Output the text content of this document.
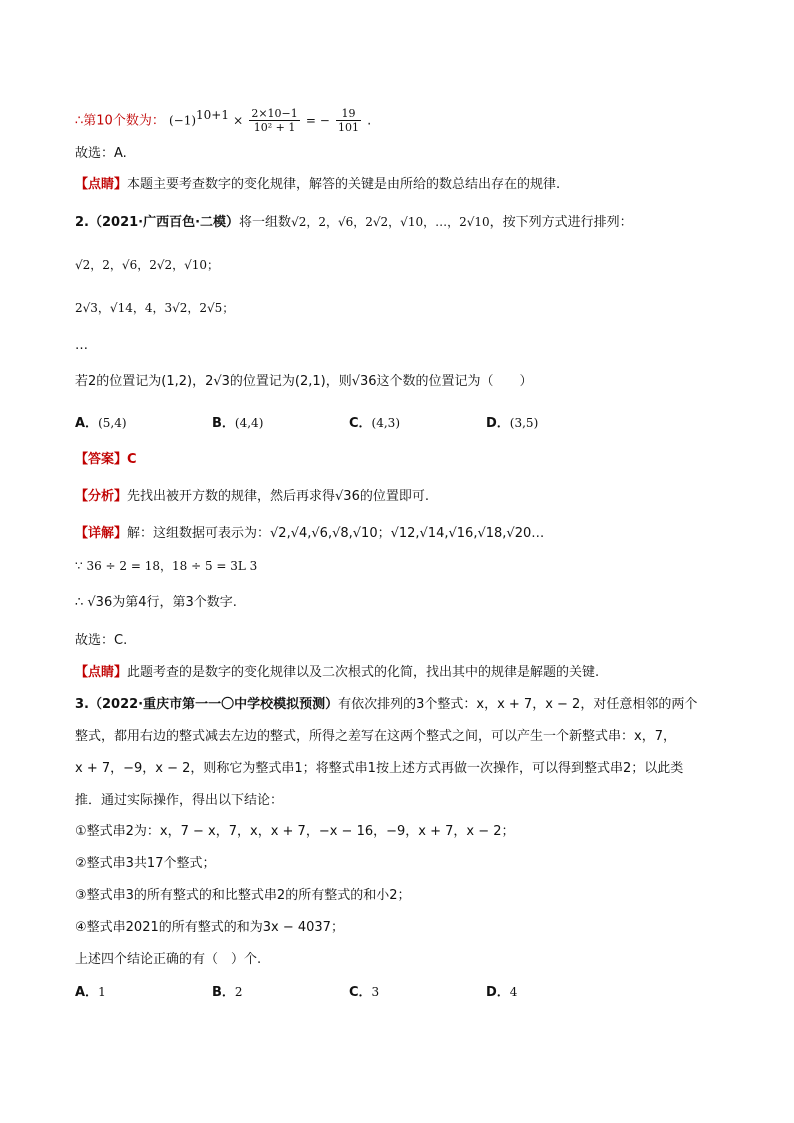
∴第10个数为： $(-1)^{10+1} \times \frac{2\times 10-1}{\text{10² + 1}}$ = − $\frac{19}{101}$ .
故选：A.
【点睛】本题主要考查数字的变化规律，解答的关键是由所给的数总结出存在的规律.
2.（2021·广西百色·二模）将一组数√2，2，√6，2√2，√10，…，2√10，按下列方式进行排列：
√2，2，√6，2√2，√10；
2√3，√14，4，3√2，2√5；
…
若2的位置记为(1,2)，2√3的位置记为(2,1)，则√36这个数的位置记为（　　）
A．(5,4)	B．(4,4)	C．(4,3)	D．(3,5)
【答案】C
【分析】先找出被开方数的规律，然后再求得√36的位置即可.
【详解】解：这组数据可表示为：√2,√4,√6,√8,√10；√12,√14,√16,√18,√20…
∵ 36 ÷ 2 = 18，18 ÷ 5 = 3L 3
∴ √36为第4行，第3个数字.
故选：C.
【点睛】此题考查的是数字的变化规律以及二次根式的化简，找出其中的规律是解题的关键.
3.（2022·重庆市第一一〇中学校模拟预测）有依次排列的3个整式：x，x + 7，x − 2，对任意相邻的两个
整式，都用右边的整式减去左边的整式，所得之差写在这两个整式之间，可以产生一个新整式串：x，7，
x + 7，−9，x − 2，则称它为整式串1；将整式串1按上述方式再做一次操作，可以得到整式串2；以此类
推．通过实际操作，得出以下结论：
①整式串2为：x，7 − x，7，x，x + 7，−x − 16，−9，x + 7，x − 2；
②整式串3共17个整式；
③整式串3的所有整式的和比整式串2的所有整式的和小2；
④整式串2021的所有整式的和为3x − 4037；
上述四个结论正确的有（　）个.
A．1	B．2	C．3	D．4
